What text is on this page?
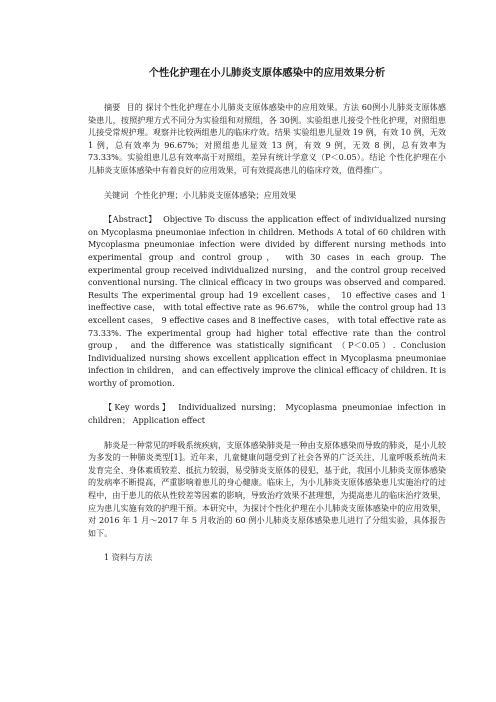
个性化护理在小儿肺炎支原体感染中的应用效果分析

摘要 目的 探讨个性化护理在小儿肺炎支原体感染中的应用效果。方法 60例小儿肺炎支原体感染患儿，按照护理方式不同分为实验组和对照组，各 30例。实验组患儿接受个性化护理，对照组患儿接受常规护理。观察并比较两组患儿的临床疗效。结果 实验组患儿显效 19 例，有效 10 例，无效 1 例，总有效率为 96.67%；对照组患儿显效 13 例，有效 9 例，无效 8 例，总有效率为 73.33%。实验组患儿总有效率高于对照组，差异有统计学意义（P＜0.05）。结论 个性化护理在小儿肺炎支原体感染中有着良好的应用效果，可有效提高患儿的临床疗效，值得推广。

关键词 个性化护理；小儿肺炎支原体感染；应用效果

【Abstract】 Objective To discuss the application effect of individualized nursing on Mycoplasma pneumoniae infection in children. Methods A total of 60 children with Mycoplasma pneumoniae infection were divided by different nursing methods into experimental group and control group， with 30 cases in each group. The experimental group received individualized nursing， and the control group received conventional nursing. The clinical efficacy in two groups was observed and compared. Results The experimental group had 19 excellent cases， 10 effective cases and 1 ineffective case， with total effective rate as 96.67%， while the control group had 13 excellent cases， 9 effective cases and 8 ineffective cases， with total effective rate as 73.33%. The experimental group had higher total effective rate than the control group， and the difference was statistically significant （P＜0.05）. Conclusion Individualized nursing shows excellent application effect in Mycoplasma pneumoniae infection in children， and can effectively improve the clinical efficacy of children. It is worthy of promotion.

【Key words】 Individualized nursing； Mycoplasma pneumoniae infection in children； Application effect

肺炎是一种常见的呼吸系统疾病，支原体感染肺炎是一种由支原体感染而导致的肺炎，是小儿较为多发的一种肺炎类型[1]。近年来，儿童健康问题受到了社会各界的广泛关注，儿童呼吸系统尚未发育完全、身体素质较差、抵抗力较弱，易受肺炎支原体的侵犯，基于此，我国小儿肺炎支原体感染的发病率不断提高，严重影响着患儿的身心健康。临床上，为小儿肺炎支原体感染患儿实施治疗的过程中，由于患儿的依从性较差等因素的影响，导致治疗效果不甚理想，为提高患儿的临床治疗效果，应为患儿实施有效的护理干预。本研究中，为探讨个性化护理在小儿肺炎支原体感染中的应用效果，对 2016 年 1 月～2017 年 5 月收治的 60 例小儿肺炎支原体感染患儿进行了分组实验，具体报告如下。

1 资料与方法
